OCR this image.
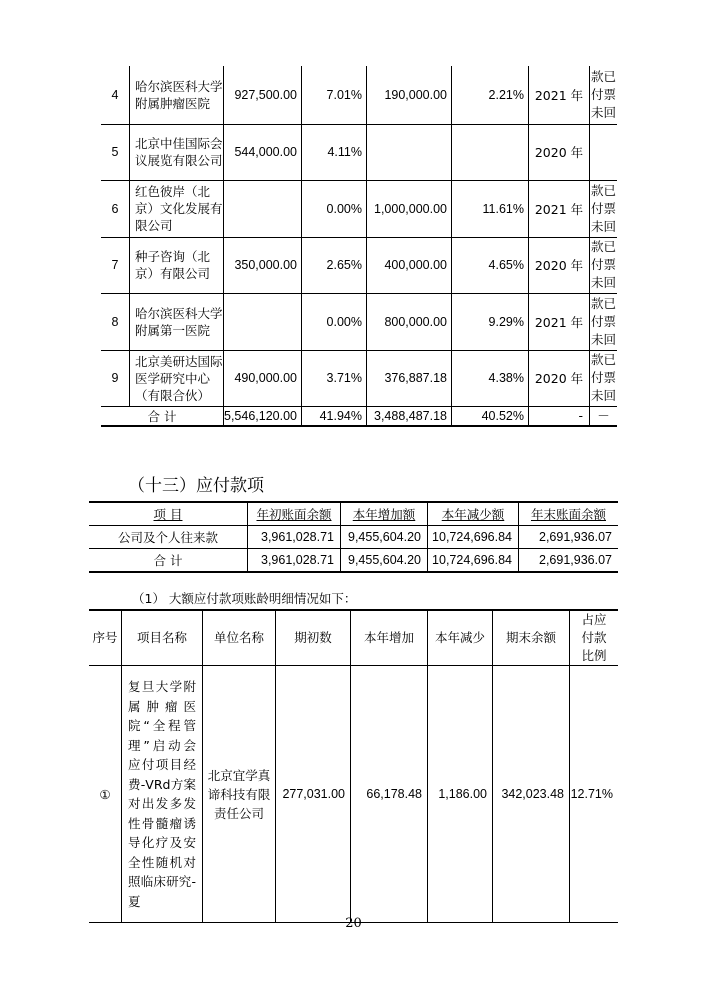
4	哈尔滨医科大学附属肿瘤医院	927,500.00	7.01%	190,000.00	2.21%	2021 年	款已付票未回
5	北京中佳国际会议展览有限公司	544,000.00	4.11%			2020 年	
6	红色彼岸（北京）文化发展有限公司		0.00%	1,000,000.00	11.61%	2021 年	款已付票未回
7	种子咨询（北京）有限公司	350,000.00	2.65%	400,000.00	4.65%	2020 年	款已付票未回
8	哈尔滨医科大学附属第一医院		0.00%	800,000.00	9.29%	2021 年	款已付票未回
9	北京美研达国际医学研究中心（有限合伙）	490,000.00	3.71%	376,887.18	4.38%	2020 年	款已付票未回
合 计		5,546,120.00	41.94%	3,488,487.18	40.52%	-	－
（十三）应付款项
项 目	年初账面余额	本年增加额	本年减少额	年末账面余额
公司及个人往来款	3,961,028.71	9,455,604.20	10,724,696.84	2,691,936.07
合 计	3,961,028.71	9,455,604.20	10,724,696.84	2,691,936.07
（1） 大额应付款项账龄明细情况如下：
序号	项目名称	单位名称	期初数	本年增加	本年减少	期末余额	占应付款比例
①	复旦大学附属肿瘤医院“全程管理”启动会应付项目经费-VRd方案对出发多发性骨髓瘤诱导化疗及安全性随机对照临床研究-夏	北京宜学真谛科技有限责任公司	277,031.00	66,178.48	1,186.00	342,023.48	12.71%
20
